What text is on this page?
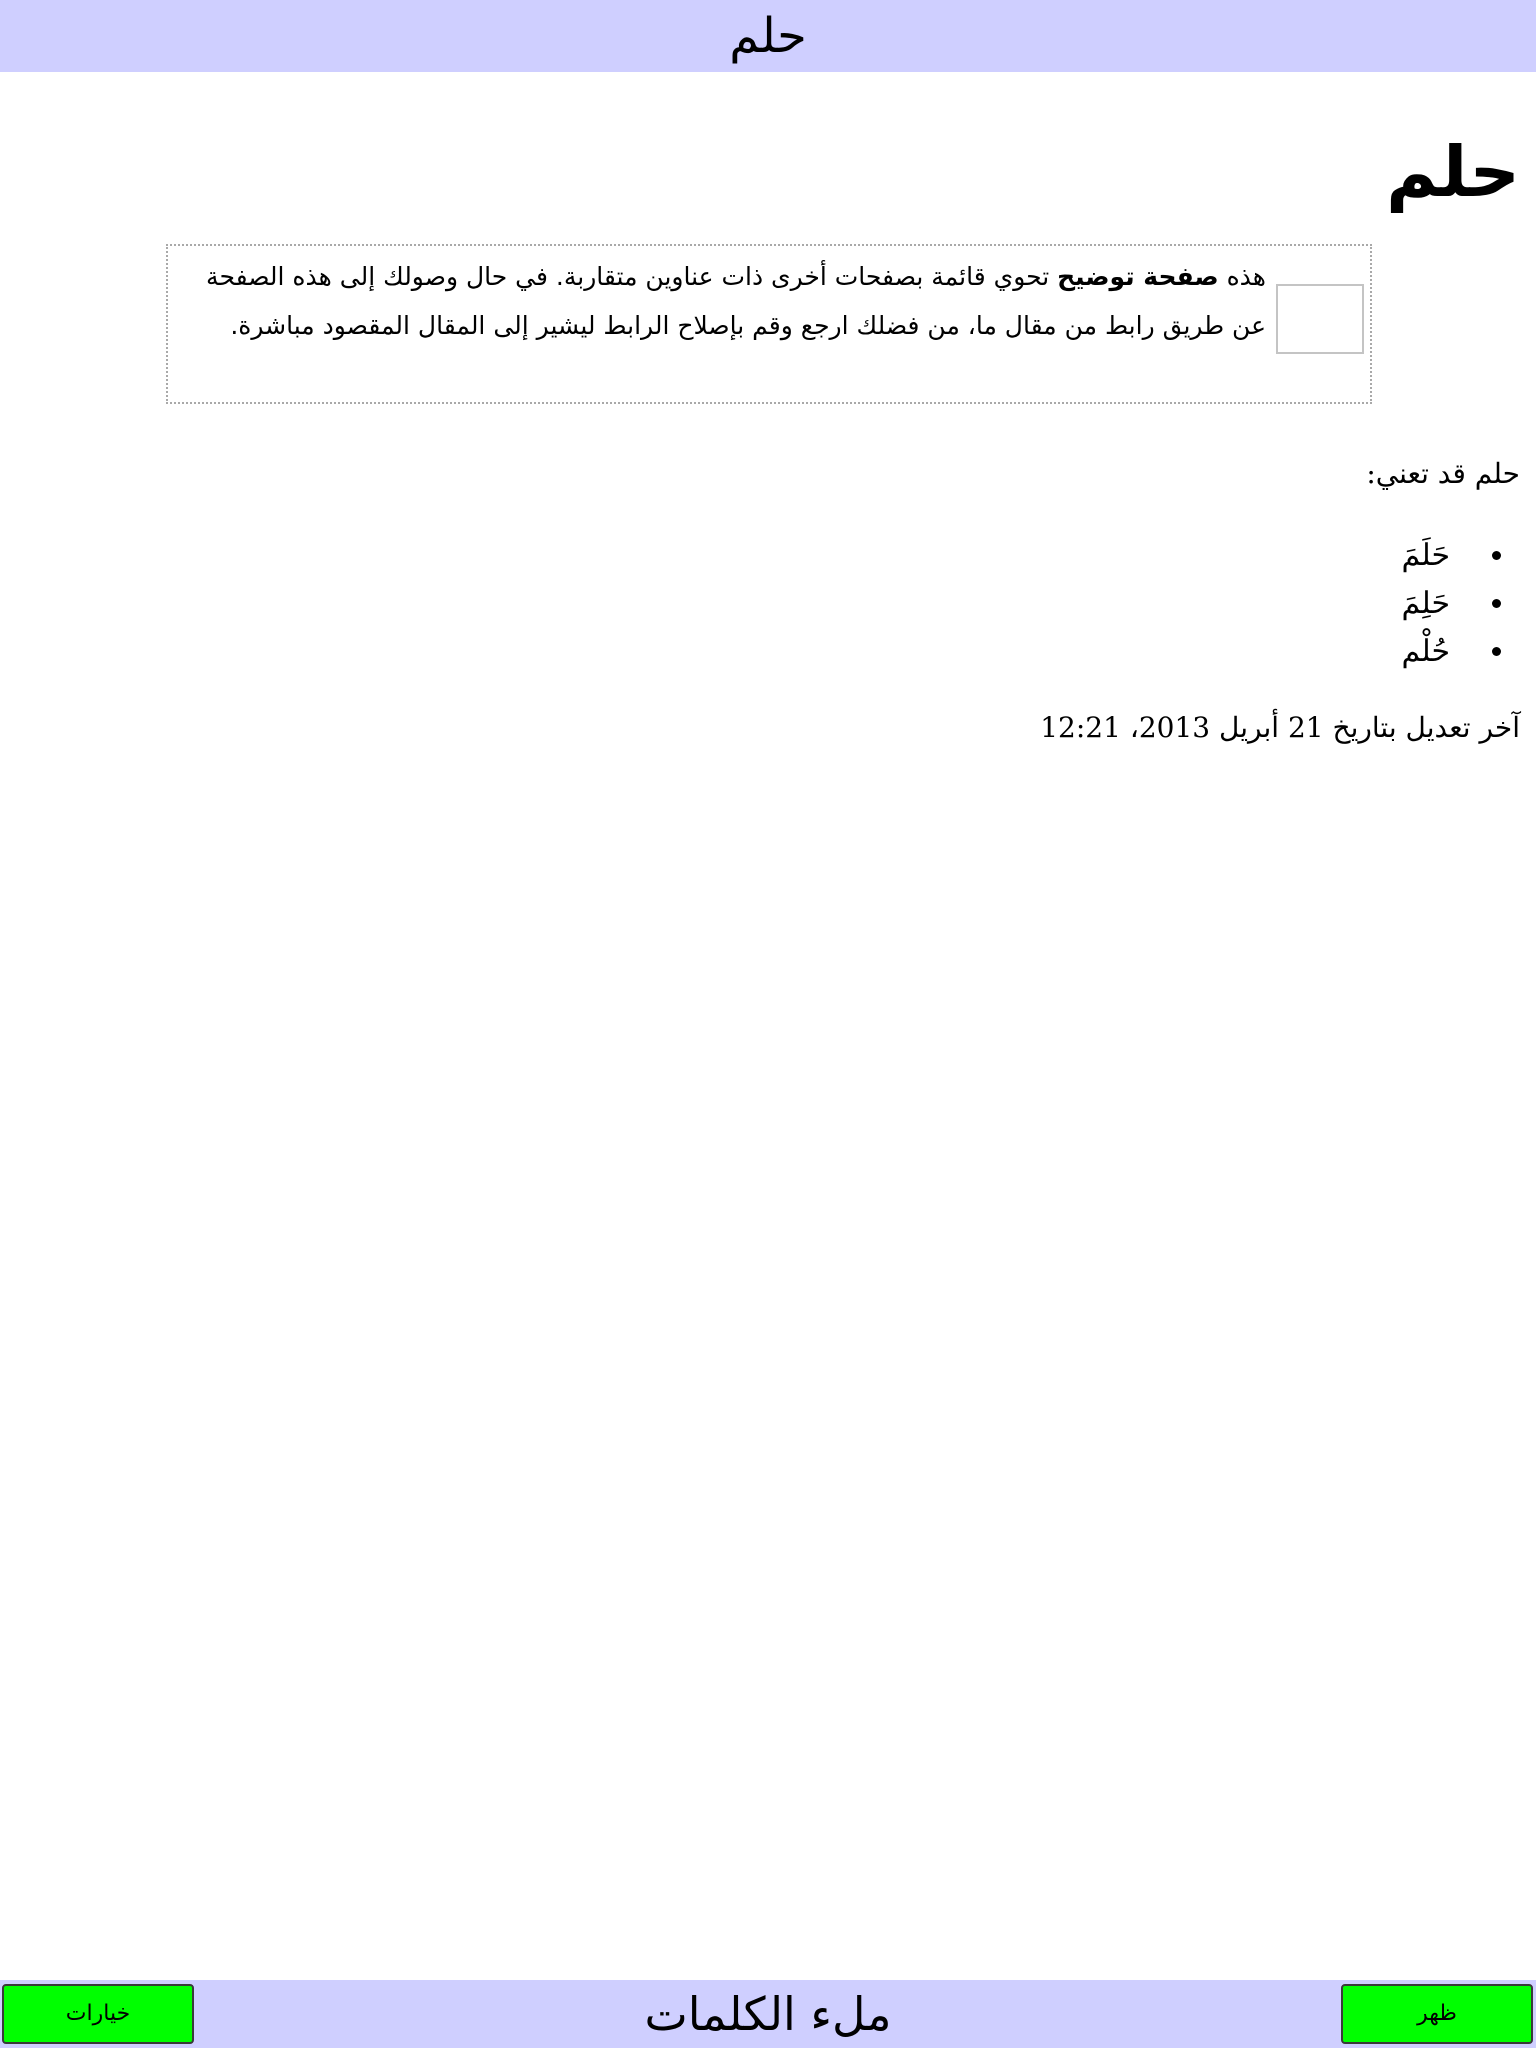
حلم
حلم
هذه صفحة توضيح تحوي قائمة بصفحات أخرى ذات عناوين متقاربة. في حال وصولك إلى هذه الصفحة عن طريق رابط من مقال ما، من فضلك ارجع وقم بإصلاح الرابط ليشير إلى المقال المقصود مباشرة.
حلم قد تعني:
• حَلَمَ
• حَلِمَ
• حُلْم
آخر تعديل بتاريخ 21 أبريل 2013، 12:21
ملء الكلمات
خيارات	ظهر
